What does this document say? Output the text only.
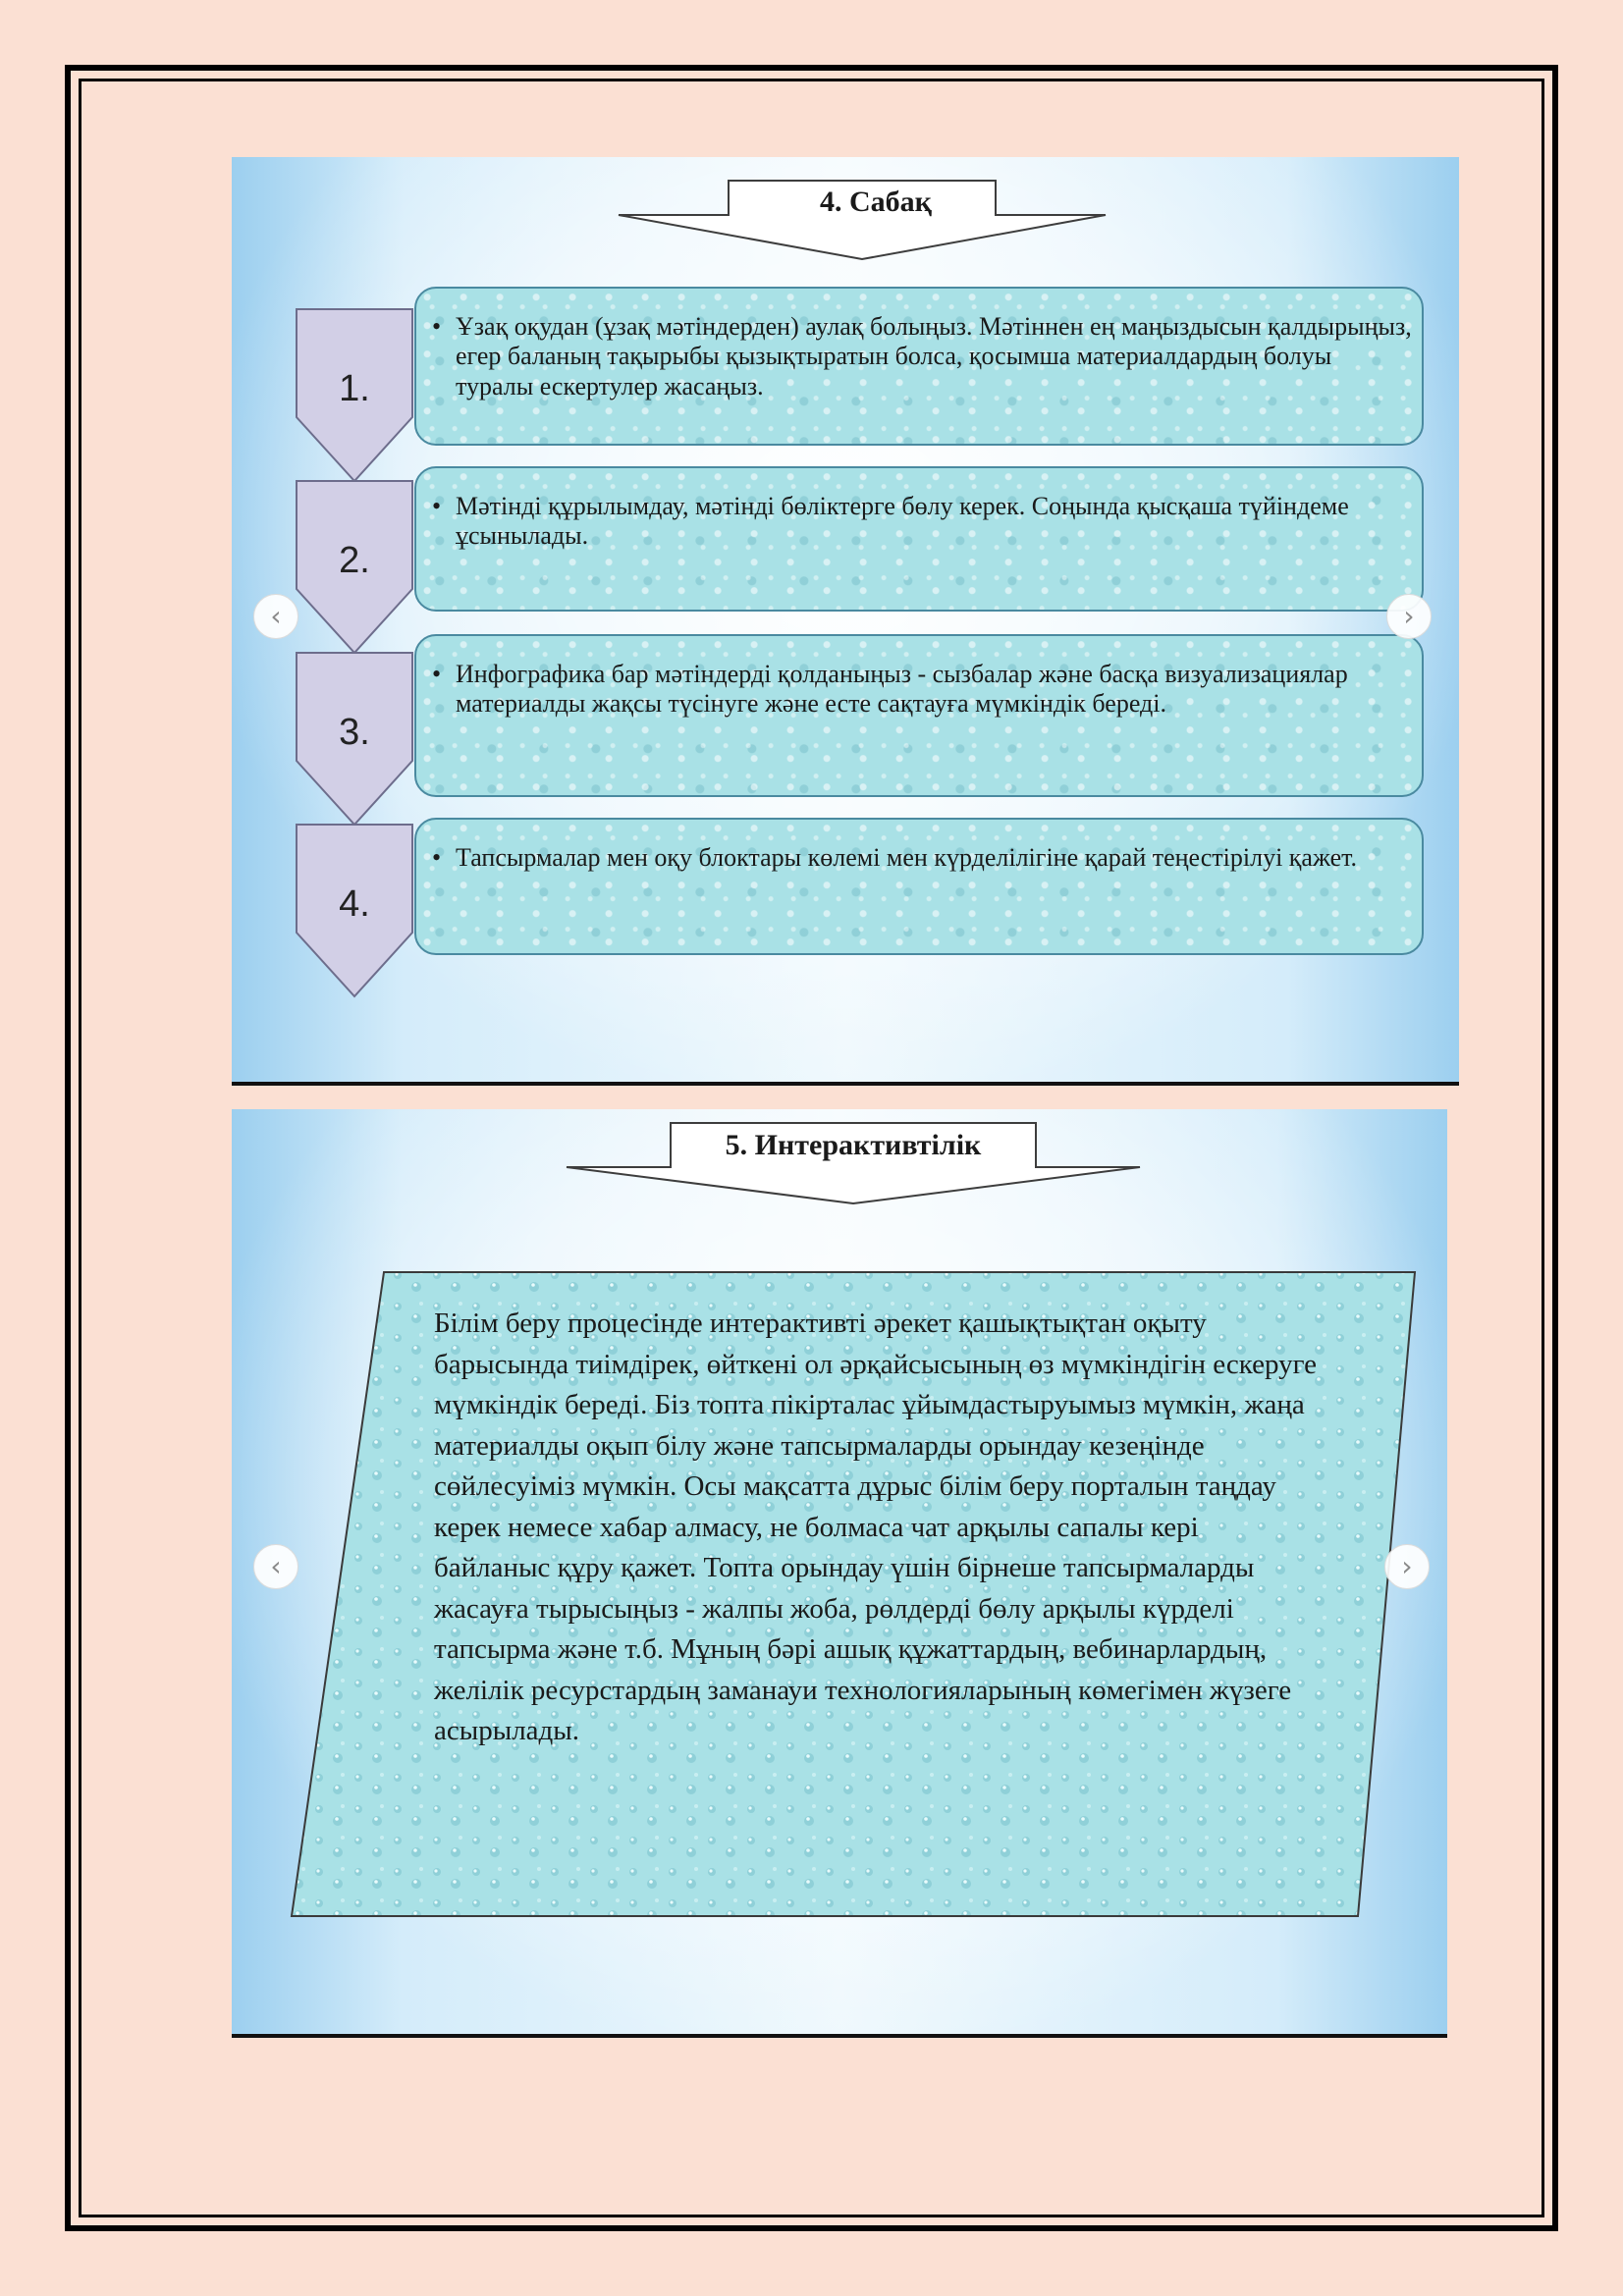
4. Сабақ
1.
2.
3.
4.
• Ұзақ оқудан (ұзақ мәтіндерден) аулақ болыңыз. Мәтіннен ең маңыздысын қалдырыңыз, егер баланың тақырыбы қызықтыратын болса, қосымша материалдардың болуы туралы ескертулер жасаңыз.
• Мәтінді құрылымдау, мәтінді бөліктерге бөлу керек. Соңында қысқаша түйіндеме ұсынылады.
• Инфографика бар мәтіндерді қолданыңыз - сызбалар және басқа визуализациялар материалды жақсы түсінуге және есте сақтауға мүмкіндік береді.
• Тапсырмалар мен оқу блоктары көлемі мен күрделілігіне қарай теңестірілуі қажет.
‹	›
5. Интерактивтілік
Білім беру процесінде интерактивті әрекет қашықтықтан оқыту барысында тиімдірек, өйткені ол әрқайсысының өз мүмкіндігін ескеруге мүмкіндік береді. Біз топта пікірталас ұйымдастыруымыз мүмкін, жаңа материалды оқып білу және тапсырмаларды орындау кезеңінде сөйлесуіміз мүмкін. Осы мақсатта дұрыс білім беру порталын таңдау керек немесе хабар алмасу, не болмаса чат арқылы сапалы кері байланыс құру қажет. Топта орындау үшін бірнеше тапсырмаларды жасауға тырысыңыз - жалпы жоба, рөлдерді бөлу арқылы күрделі тапсырма және т.б. Мұның бәрі ашық құжаттардың, вебинарлардың, желілік ресурстардың заманауи технологияларының көмегімен жүзеге асырылады.
‹	›
